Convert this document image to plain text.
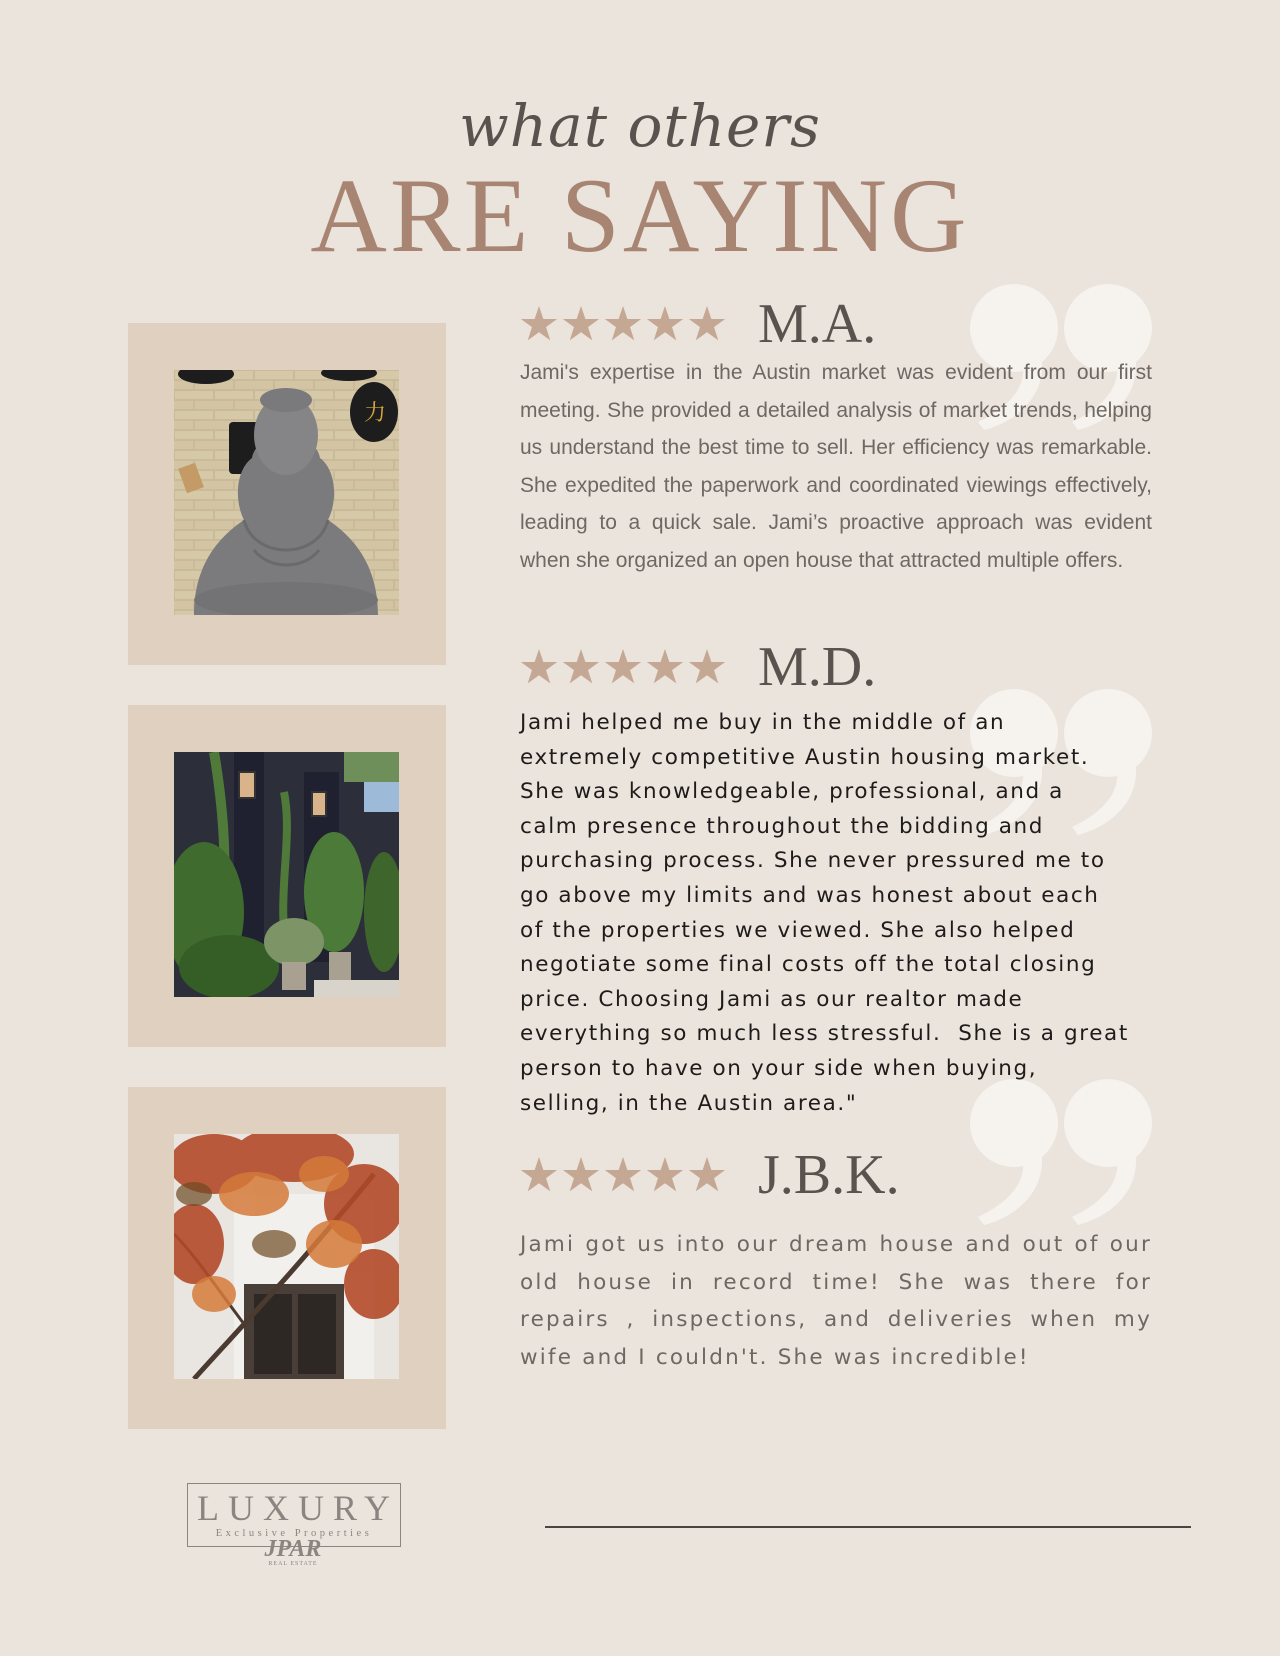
what others
ARE SAYING
力
M.A.
Jami's expertise in the Austin market was evident from our first meeting. She provided a detailed analysis of market trends, helping us understand the best time to sell. Her efficiency was remarkable. She expedited the paperwork and coordinated viewings effectively, leading to a quick sale. Jami’s proactive approach was evident when she organized an open house that attracted multiple offers.
M.D.
Jami helped me buy in the middle of an
extremely competitive Austin housing market.
She was knowledgeable, professional, and a
calm presence throughout the bidding and
purchasing process. She never pressured me to
go above my limits and was honest about each
of the properties we viewed. She also helped
negotiate some final costs off the total closing
price. Choosing Jami as our realtor made
everything so much less stressful.  She is a great
person to have on your side when buying,
selling, in the Austin area."
J.B.K.
Jami got us into our dream house and out of our old house in record time! She was there for repairs , inspections, and deliveries when my wife and I couldn't. She was incredible!
LUXURY
Exclusive Properties
JPAR
REAL ESTATE
